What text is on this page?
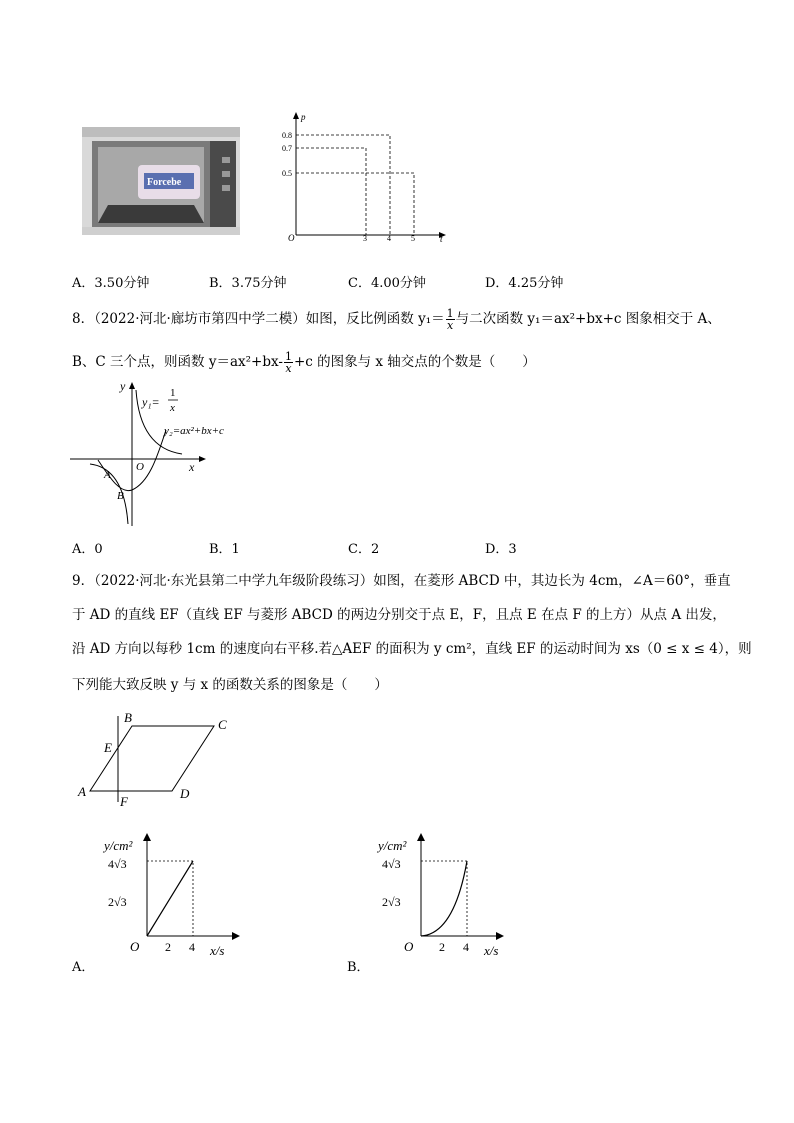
Forcebe
p
t
O
0.8
0.7
0.5
3	4	5
A．3.50分钟	B．3.75分钟	C．4.00分钟	D．4.25分钟
8．（2022·河北·廊坊市第四中学二模）如图，反比例函数 $y_1= \frac{1}{x}$ 与二次函数 y₁＝ax²+bx+c 图象相交于 A、
B、C 三个点，则函数 $y=ax^2+bx- \frac{1}{x} +c$ 的图象与 x 轴交点的个数是（　　）
y
x
O
y₁=
1
x
y₂=ax²+bx+c
A
B
A．0	B．1	C．2	D．3
9．（2022·河北·东光县第二中学九年级阶段练习）如图，在菱形 ABCD 中，其边长为 4cm，∠A＝60°，垂直
于 AD 的直线 EF（直线 EF 与菱形 ABCD 的两边分别交于点 E，F，且点 E 在点 F 的上方）从点 A 出发，
沿 AD 方向以每秒 1cm 的速度向右平移.若△AEF 的面积为 y cm²，直线 EF 的运动时间为 xs（0 ≤ x ≤ 4），则
下列能大致反映 y 与 x 的函数关系的图象是（　　）
A
B	C
D
E
F
y/cm²
4√3
2√3
O 2 4 x/s
A．
y/cm²
4√3
2√3
O 2 4 x/s
B．
